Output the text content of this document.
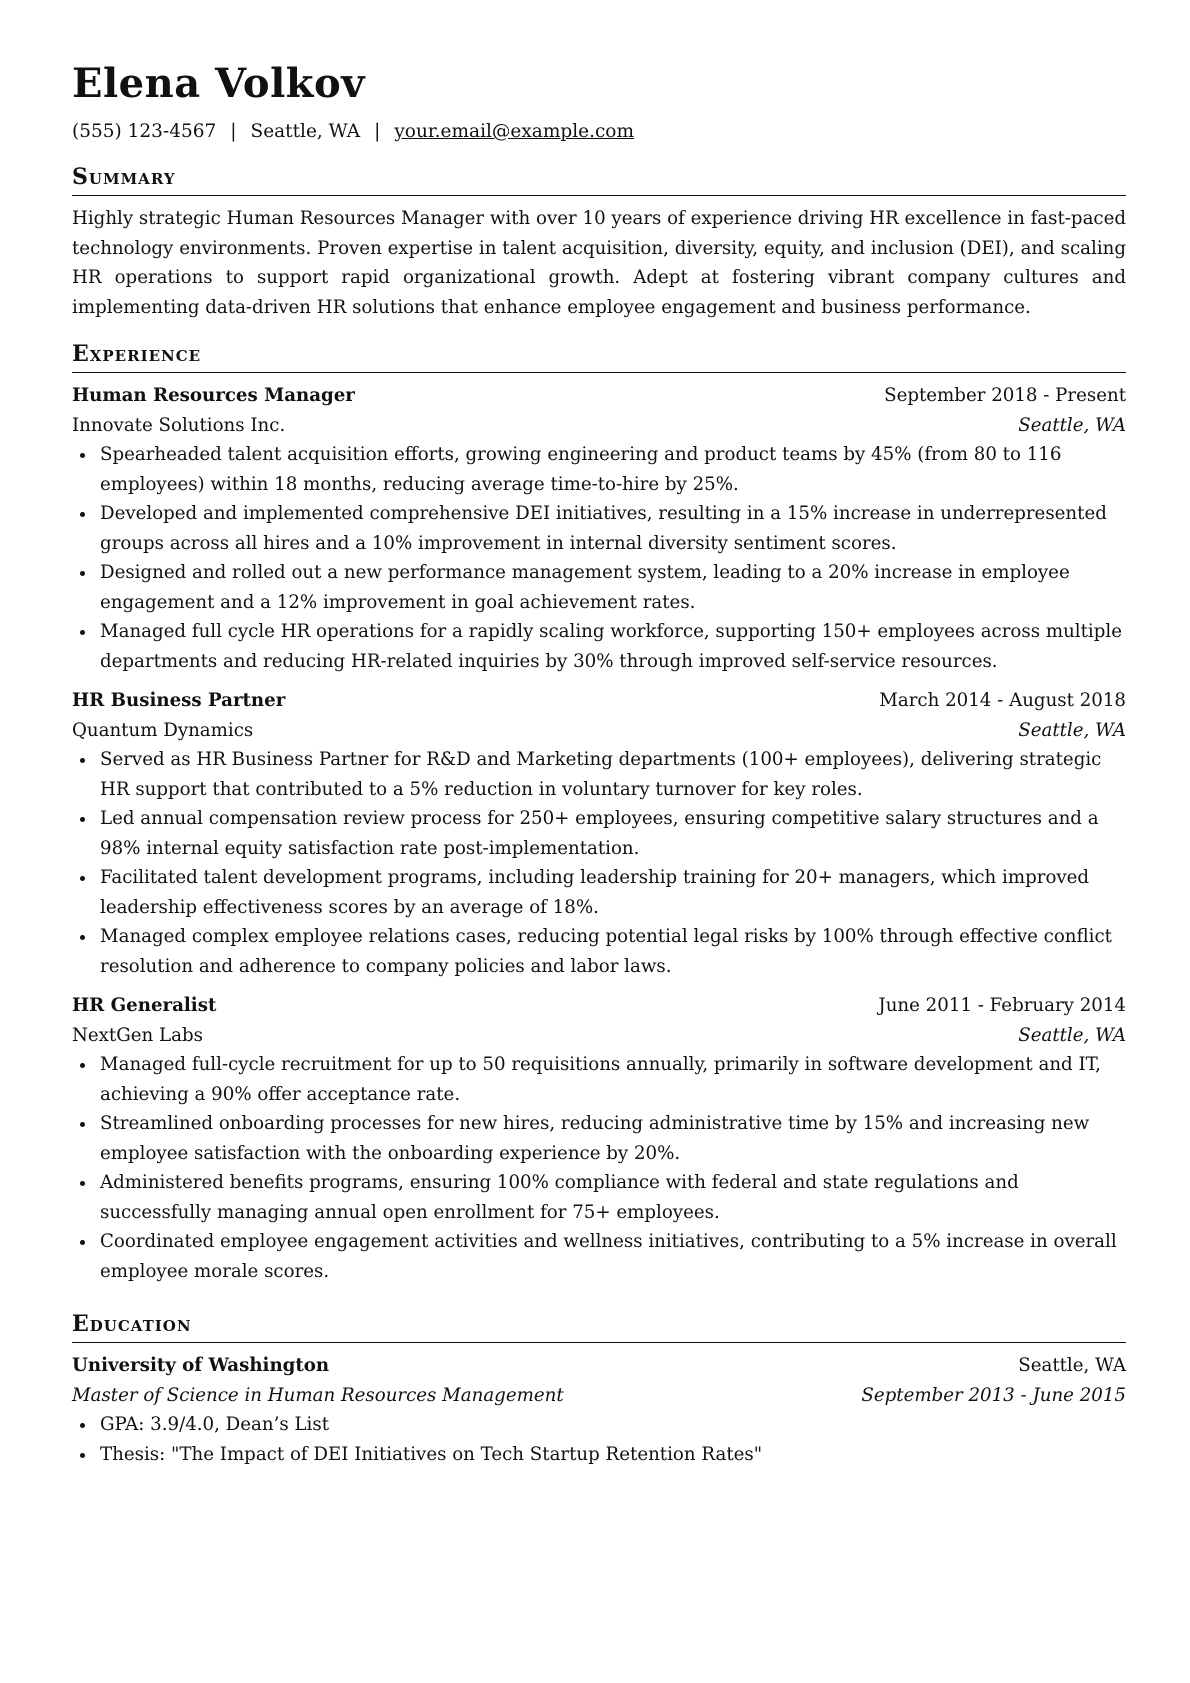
Elena Volkov
(555) 123-4567 | Seattle, WA | your.email@example.com
Summary

Highly strategic Human Resources Manager with over 10 years of experience driving HR excellence in fast-paced technology environments. Proven expertise in talent acquisition, diversity, equity, and inclusion (DEI), and scaling HR operations to support rapid organizational growth. Adept at fostering vibrant company cultures and implementing data-driven HR solutions that enhance employee engagement and business performance.

Experience
Human Resources Manager	September 2018 - Present
Innovate Solutions Inc.	Seattle, WA
Spearheaded talent acquisition efforts, growing engineering and product teams by 45% (from 80 to 116 employees) within 18 months, reducing average time-to-hire by 25%.
Developed and implemented comprehensive DEI initiatives, resulting in a 15% increase in underrepresented groups across all hires and a 10% improvement in internal diversity sentiment scores.
Designed and rolled out a new performance management system, leading to a 20% increase in employee engagement and a 12% improvement in goal achievement rates.
Managed full cycle HR operations for a rapidly scaling workforce, supporting 150+ employees across multiple departments and reducing HR-related inquiries by 30% through improved self-service resources.
HR Business Partner	March 2014 - August 2018
Quantum Dynamics	Seattle, WA
Served as HR Business Partner for R&D and Marketing departments (100+ employees), delivering strategic HR support that contributed to a 5% reduction in voluntary turnover for key roles.
Led annual compensation review process for 250+ employees, ensuring competitive salary structures and a 98% internal equity satisfaction rate post-implementation.
Facilitated talent development programs, including leadership training for 20+ managers, which improved leadership effectiveness scores by an average of 18%.
Managed complex employee relations cases, reducing potential legal risks by 100% through effective conflict resolution and adherence to company policies and labor laws.
HR Generalist	June 2011 - February 2014
NextGen Labs	Seattle, WA
Managed full-cycle recruitment for up to 50 requisitions annually, primarily in software development and IT, achieving a 90% offer acceptance rate.
Streamlined onboarding processes for new hires, reducing administrative time by 15% and increasing new employee satisfaction with the onboarding experience by 20%.
Administered benefits programs, ensuring 100% compliance with federal and state regulations and successfully managing annual open enrollment for 75+ employees.
Coordinated employee engagement activities and wellness initiatives, contributing to a 5% increase in overall employee morale scores.
Education
University of Washington	Seattle, WA
Master of Science in Human Resources Management	September 2013 - June 2015
GPA: 3.9/4.0, Dean’s List
Thesis: "The Impact of DEI Initiatives on Tech Startup Retention Rates"
